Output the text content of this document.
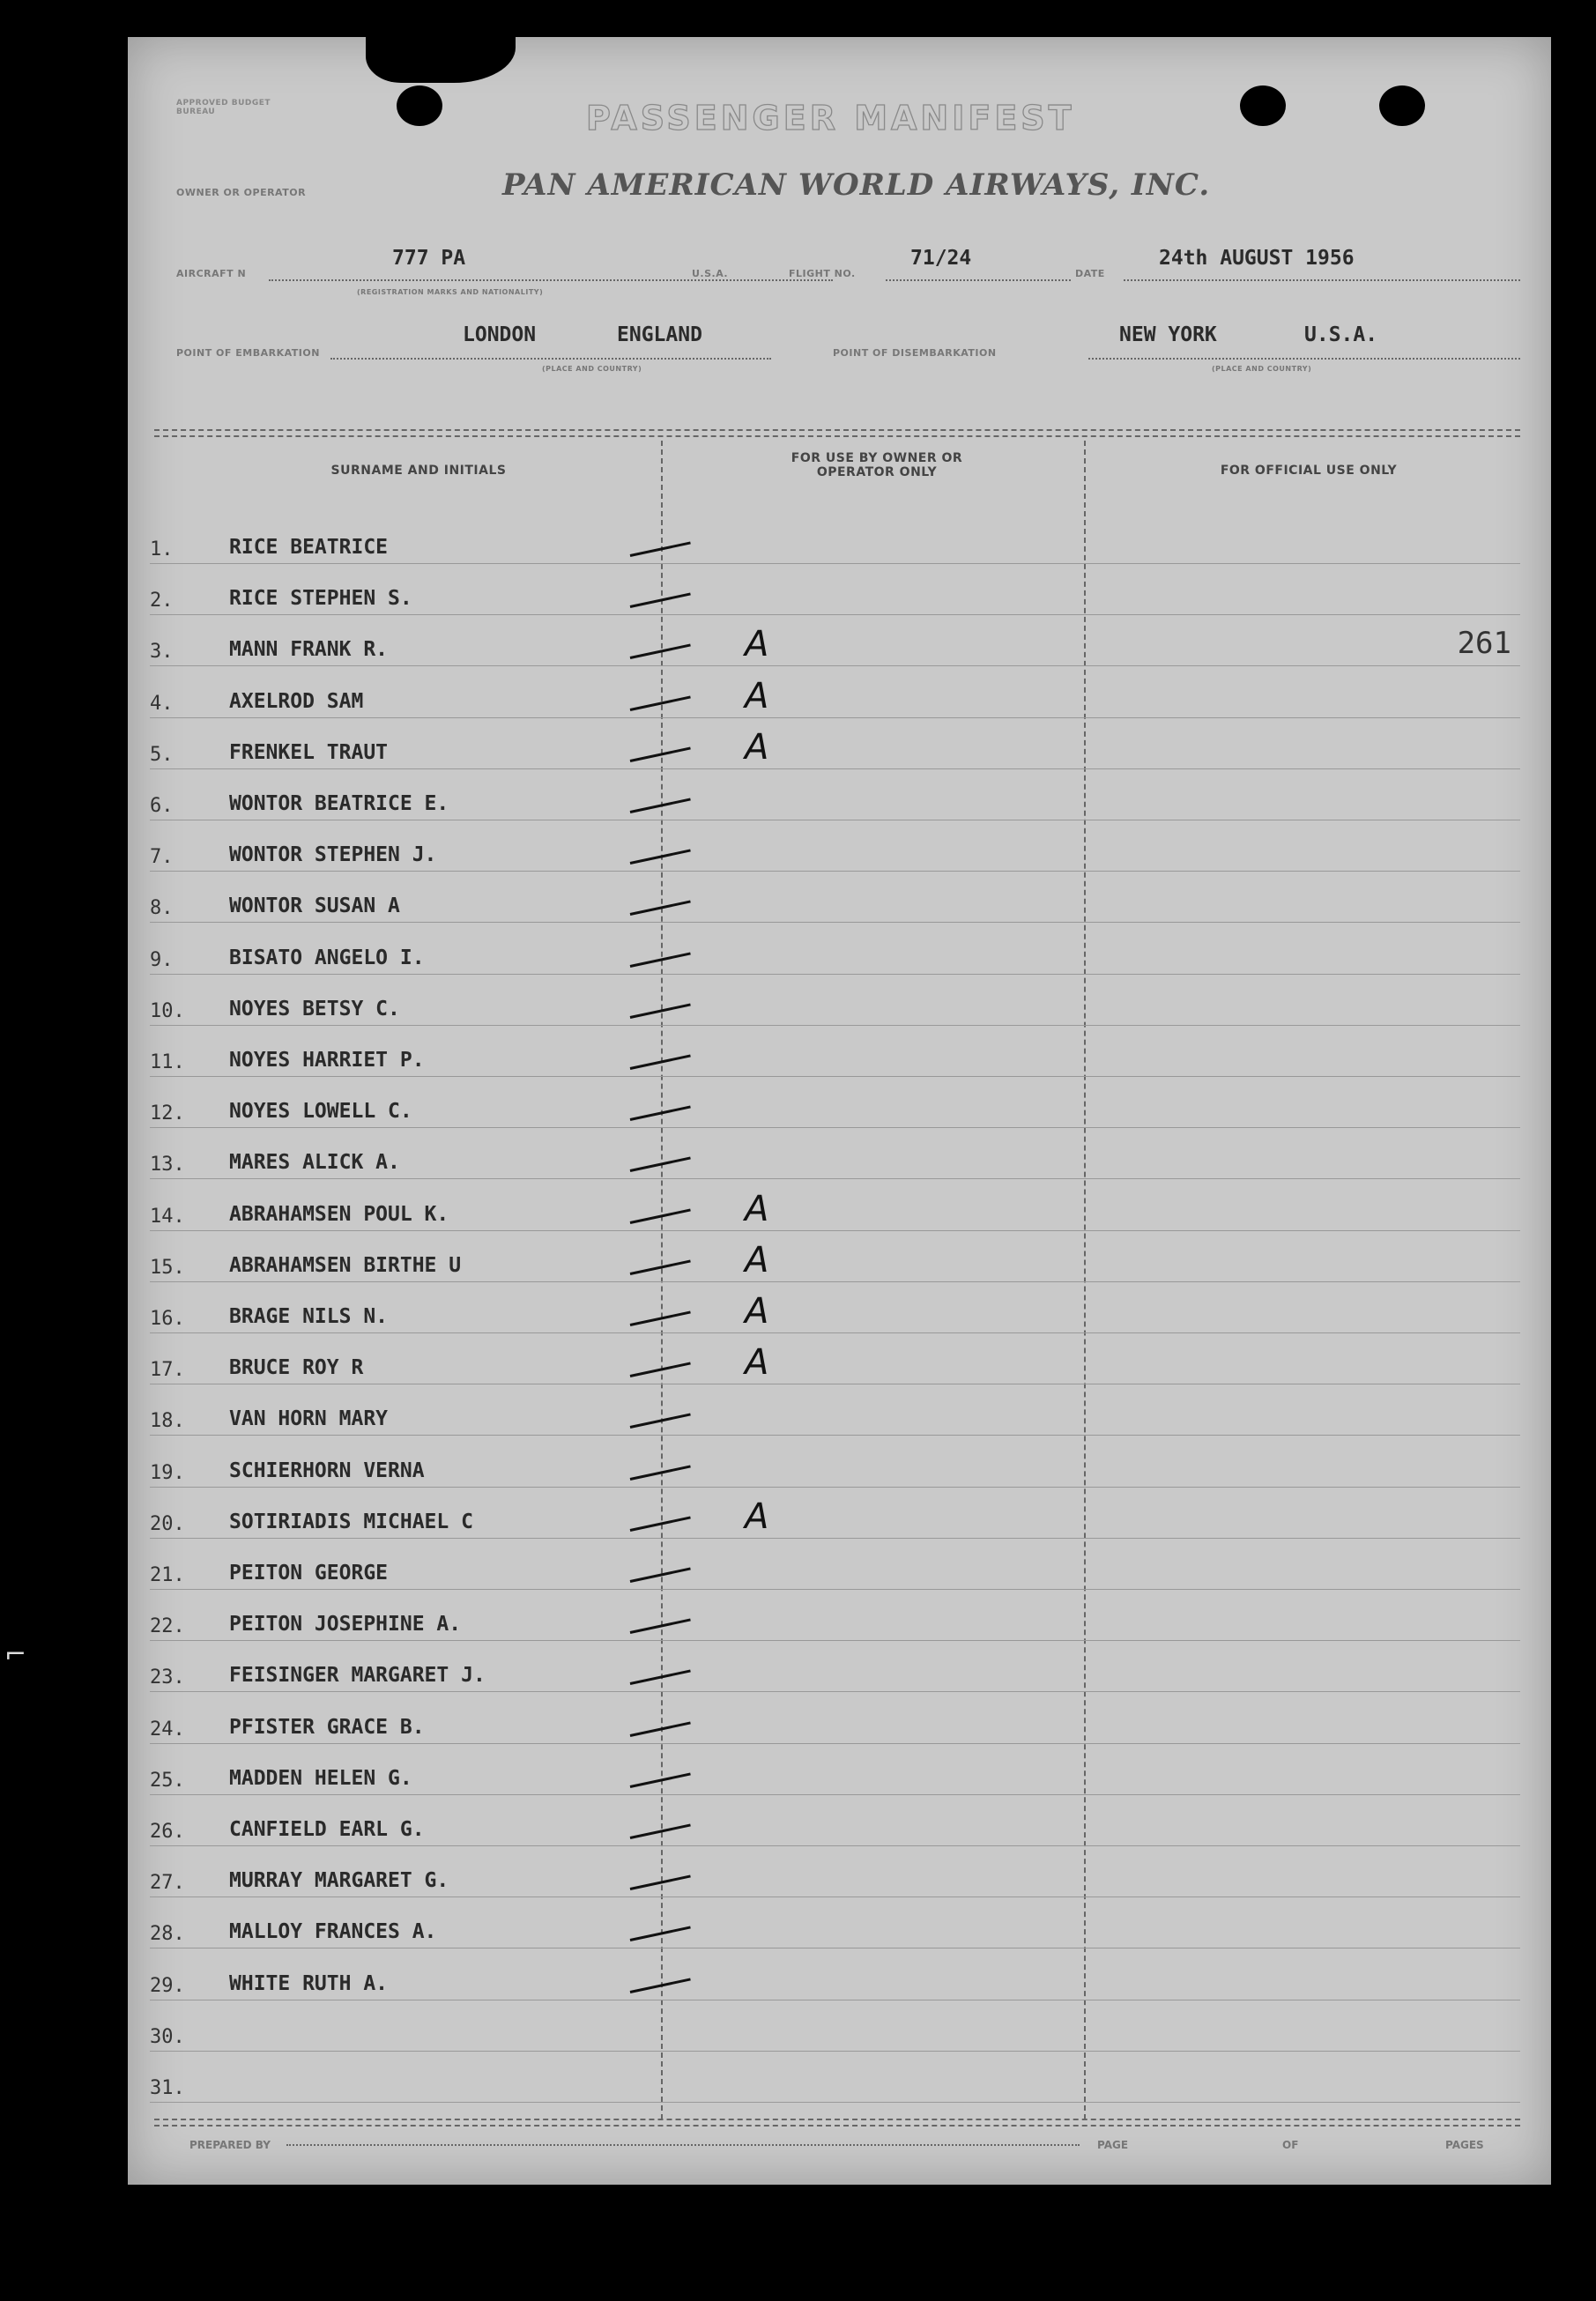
APPROVED BUDGET BUREAU	PASSENGER MANIFEST
OWNER OR OPERATOR	PAN AMERICAN WORLD AIRWAYS, INC.
AIRCRAFT N
777 PA
(REGISTRATION MARKS AND NATIONALITY)
U.S.A.	FLIGHT NO.
71/24
DATE
24th AUGUST 1956
POINT OF EMBARKATION
LONDON	ENGLAND
(PLACE AND COUNTRY)
POINT OF DISEMBARKATION
NEW YORK	U.S.A.
(PLACE AND COUNTRY)
SURNAME AND INITIALS
FOR USE BY OWNER OR OPERATOR ONLY	FOR OFFICIAL USE ONLY
1.	RICE BEATRICE
2.	RICE STEPHEN S.
3.	MANN FRANK R.	A	261
4.	AXELROD SAM	A
5.	FRENKEL TRAUT	A
6.	WONTOR BEATRICE E.
7.	WONTOR STEPHEN J.
8.	WONTOR SUSAN A
9.	BISATO ANGELO I.
10.	NOYES BETSY C.
11.	NOYES HARRIET P.
12.	NOYES LOWELL C.
13.	MARES ALICK A.
14.	ABRAHAMSEN POUL K.	A
15.	ABRAHAMSEN BIRTHE U	A
16.	BRAGE NILS N.	A
17.	BRUCE ROY R	A
18.	VAN HORN MARY
19.	SCHIERHORN VERNA
20.	SOTIRIADIS MICHAEL C	A
21.	PEITON GEORGE
22.	PEITON JOSEPHINE A.
23.	FEISINGER MARGARET J.
24.	PFISTER GRACE B.
25.	MADDEN HELEN G.
26.	CANFIELD EARL G.
27.	MURRAY MARGARET G.
28.	MALLOY FRANCES A.
29.	WHITE RUTH A.
30.
31.
PREPARED BY	PAGE	OF	PAGES
⌐
